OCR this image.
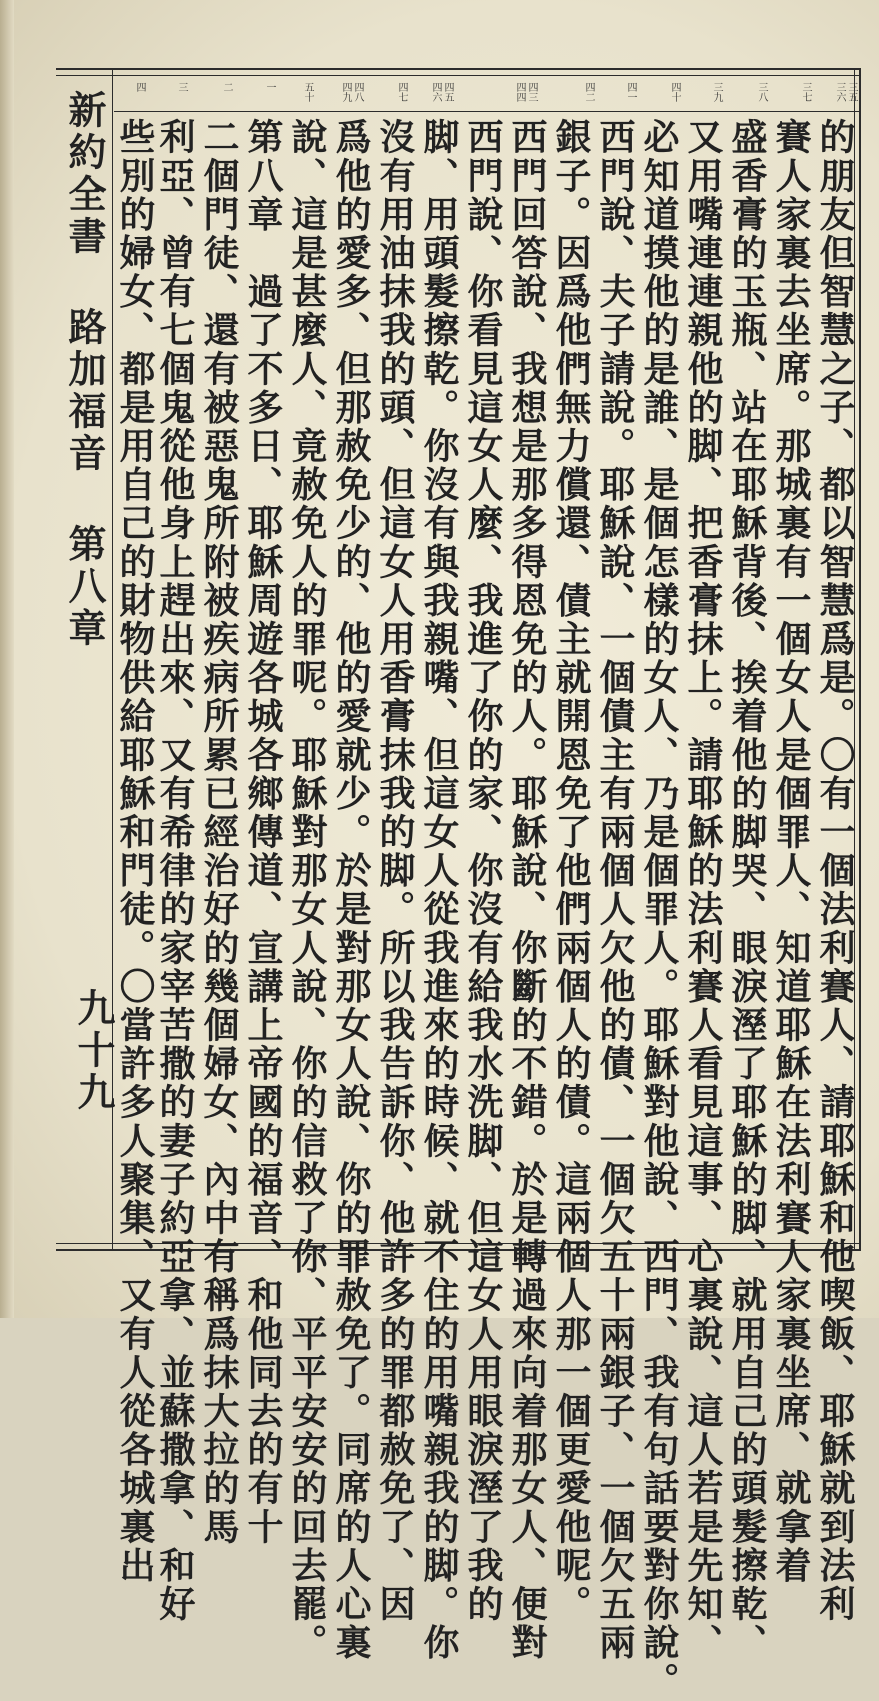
新約全書 路加福音 第八章
九十九
三五
三六
三七
三八
三九
四十
四一
四二
四三
四四
四五
四六
四七
四八
四九
五十
一
二
三
四
的朋友但智慧之子、都以智慧爲是。〇有一個法利賽人、請耶穌和他喫飯、耶穌就到法利
賽人家裏去坐席。那城裏有一個女人是個罪人、知道耶穌在法利賽人家裏坐席、就拿着
盛香膏的玉瓶、站在耶穌背後、挨着他的脚哭、眼淚溼了耶穌的脚、就用自己的頭髮擦乾、
又用嘴連連親他的脚、把香膏抹上。請耶穌的法利賽人看見這事、心裏說、這人若是先知、
必知道摸他的是誰、是個怎樣的女人、乃是個罪人。耶穌對他說、西門、我有句話要對你說。
西門說、夫子請說。耶穌說、一個債主有兩個人欠他的債、一個欠五十兩銀子、一個欠五兩
銀子。因爲他們無力償還、債主就開恩免了他們兩個人的債。這兩個人那一個更愛他呢。
西門回答說、我想是那多得恩免的人。耶穌說、你斷的不錯。於是轉過來向着那女人、便對
西門說、你看見這女人麼、我進了你的家、你沒有給我水洗脚、但這女人用眼淚溼了我的
脚、用頭髮擦乾。你沒有與我親嘴、但這女人從我進來的時候、就不住的用嘴親我的脚。你
沒有用油抹我的頭、但這女人用香膏抹我的脚。所以我告訴你、他許多的罪都赦免了、因
爲他的愛多、但那赦免少的、他的愛就少。於是對那女人說、你的罪赦免了。同席的人心裏
說、這是甚麼人、竟赦免人的罪呢。耶穌對那女人說、你的信救了你、平平安安的回去罷。
第八章　過了不多日、耶穌周遊各城各鄉傳道、宣講上帝國的福音、和他同去的有十
二個門徒、還有被惡鬼所附被疾病所累已經治好的幾個婦女、內中有稱爲抹大拉的馬
利亞、曾有七個鬼從他身上趕出來、又有希律的家宰苦撒的妻子約亞拿、並蘇撒拿、和好
些別的婦女、都是用自己的財物供給耶穌和門徒。〇當許多人聚集、又有人從各城裏出
